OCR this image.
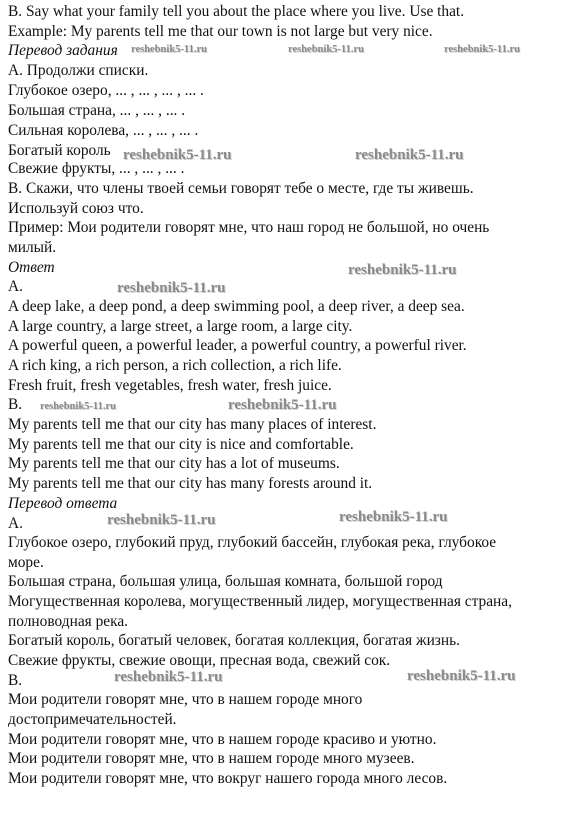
B. Say what your family tell you about the place where you live. Use that.
Example: My parents tell me that our town is not large but very nice.
Перевод задания
А. Продолжи списки.
Глубокое озеро, ... , ... , ... , ... .
Большая страна, ... , ... , ... .
Сильная королева, ... , ... , ... .
Богатый король
Свежие фрукты, ... , ... , ... .
В. Скажи, что члены твоей семьи говорят тебе о месте, где ты живешь.
Используй союз что.
Пример: Мои родители говорят мне, что наш город не большой, но очень
милый.
Ответ
A.
A deep lake, a deep pond, a deep swimming pool, a deep river, a deep sea.
A large country, a large street, a large room, a large city.
A powerful queen, a powerful leader, a powerful country, a powerful river.
A rich king, a rich person, a rich collection, a rich life.
Fresh fruit, fresh vegetables, fresh water, fresh juice.
B.
My parents tell me that our city has many places of interest.
My parents tell me that our city is nice and comfortable.
My parents tell me that our city has a lot of museums.
My parents tell me that our city has many forests around it.
Перевод ответа
А.
Глубокое озеро, глубокий пруд, глубокий бассейн, глубокая река, глубокое
море.
Большая страна, большая улица, большая комната, большой город
Могущественная королева, могущественный лидер, могущественная страна,
полноводная река.
Богатый король, богатый человек, богатая коллекция, богатая жизнь.
Свежие фрукты, свежие овощи, пресная вода, свежий сок.
В.
Мои родители говорят мне, что в нашем городе много
достопримечательностей.
Мои родители говорят мне, что в нашем городе красиво и уютно.
Мои родители говорят мне, что в нашем городе много музеев.
Мои родители говорят мне, что вокруг нашего города много лесов.
reshebnik5-11.ru	reshebnik5-11.ru	reshebnik5-11.ru
reshebnik5-11.ru	reshebnik5-11.ru
reshebnik5-11.ru
reshebnik5-11.ru
reshebnik5-11.ru	reshebnik5-11.ru
reshebnik5-11.ru
reshebnik5-11.ru
reshebnik5-11.ru
reshebnik5-11.ru
